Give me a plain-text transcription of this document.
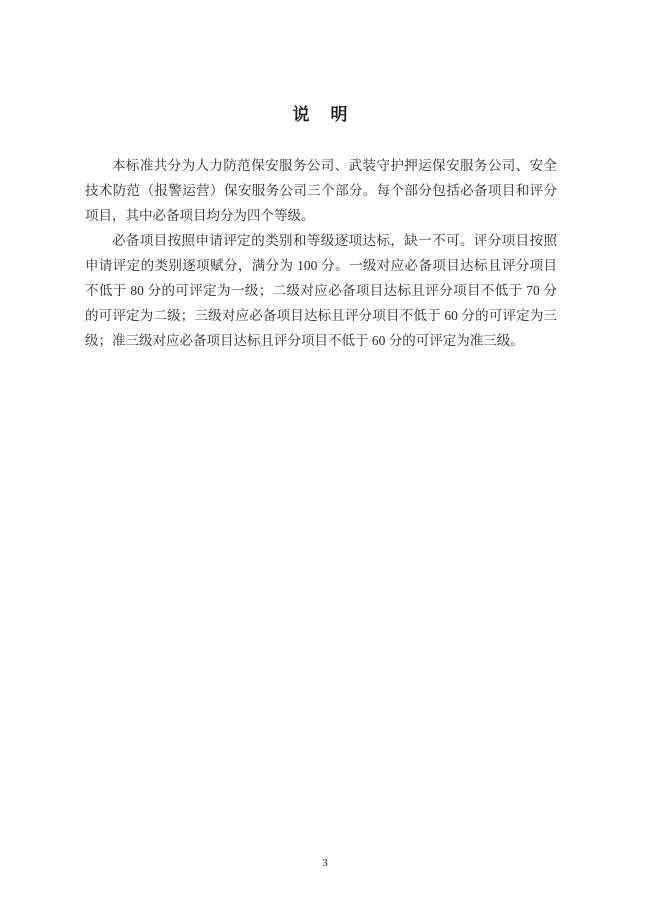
说　明

本标准共分为人力防范保安服务公司、武装守护押运保安服务公司、安全技术防范（报警运营）保安服务公司三个部分。每个部分包括必备项目和评分项目，其中必备项目均分为四个等级。

必备项目按照申请评定的类别和等级逐项达标，缺一不可。评分项目按照申请评定的类别逐项赋分，满分为 100 分。一级对应必备项目达标且评分项目不低于 80 分的可评定为一级；二级对应必备项目达标且评分项目不低于 70 分的可评定为二级；三级对应必备项目达标且评分项目不低于 60 分的可评定为三级；准三级对应必备项目达标且评分项目不低于 60 分的可评定为准三级。

3
